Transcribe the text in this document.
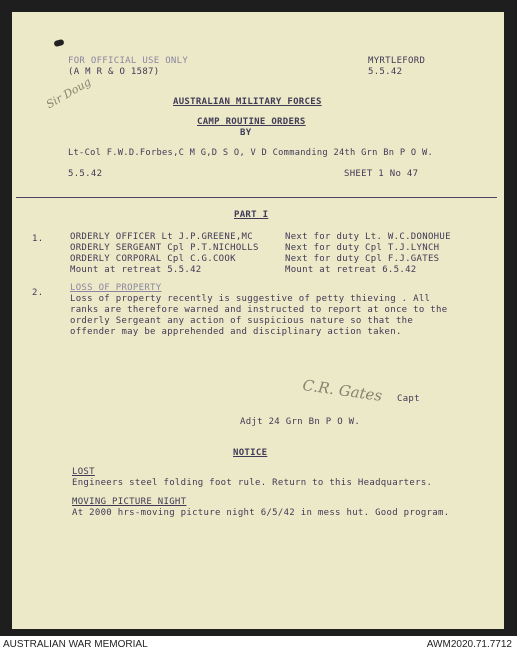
FOR OFFICIAL USE ONLY
(A M R & O 1587)
MYRTLEFORD
5.5.42
Sir Doug	AUSTRALIAN MILITARY FORCES
CAMP ROUTINE ORDERS
BY
Lt-Col F.W.D.Forbes,C M G,D S O, V D Commanding 24th Grn Bn P O W.
5.5.42	SHEET 1 No 47
PART I
1.	ORDERLY OFFICER Lt J.P.GREENE,MC	Next for duty Lt. W.C.DONOHUE
ORDERLY SERGEANT Cpl P.T.NICHOLLS	Next for duty Cpl T.J.LYNCH
ORDERLY CORPORAL Cpl C.G.COOK	Next for duty Cpl F.J.GATES
Mount at retreat 5.5.42	Mount at retreat 6.5.42
2.	LOSS OF PROPERTY
Loss of property recently is suggestive of petty thieving . All
ranks are therefore warned and instructed to report at once to the
orderly Sergeant any action of suspicious nature so that the
offender may be apprehended and disciplinary action taken.
C.R. Gates Capt
Adjt 24 Grn Bn P O W.
NOTICE
LOST
Engineers steel folding foot rule. Return to this Headquarters.
MOVING PICTURE NIGHT
At 2000 hrs-moving picture night 6/5/42 in mess hut. Good program.
AUSTRALIAN WAR MEMORIAL	AWM2020.71.7712
